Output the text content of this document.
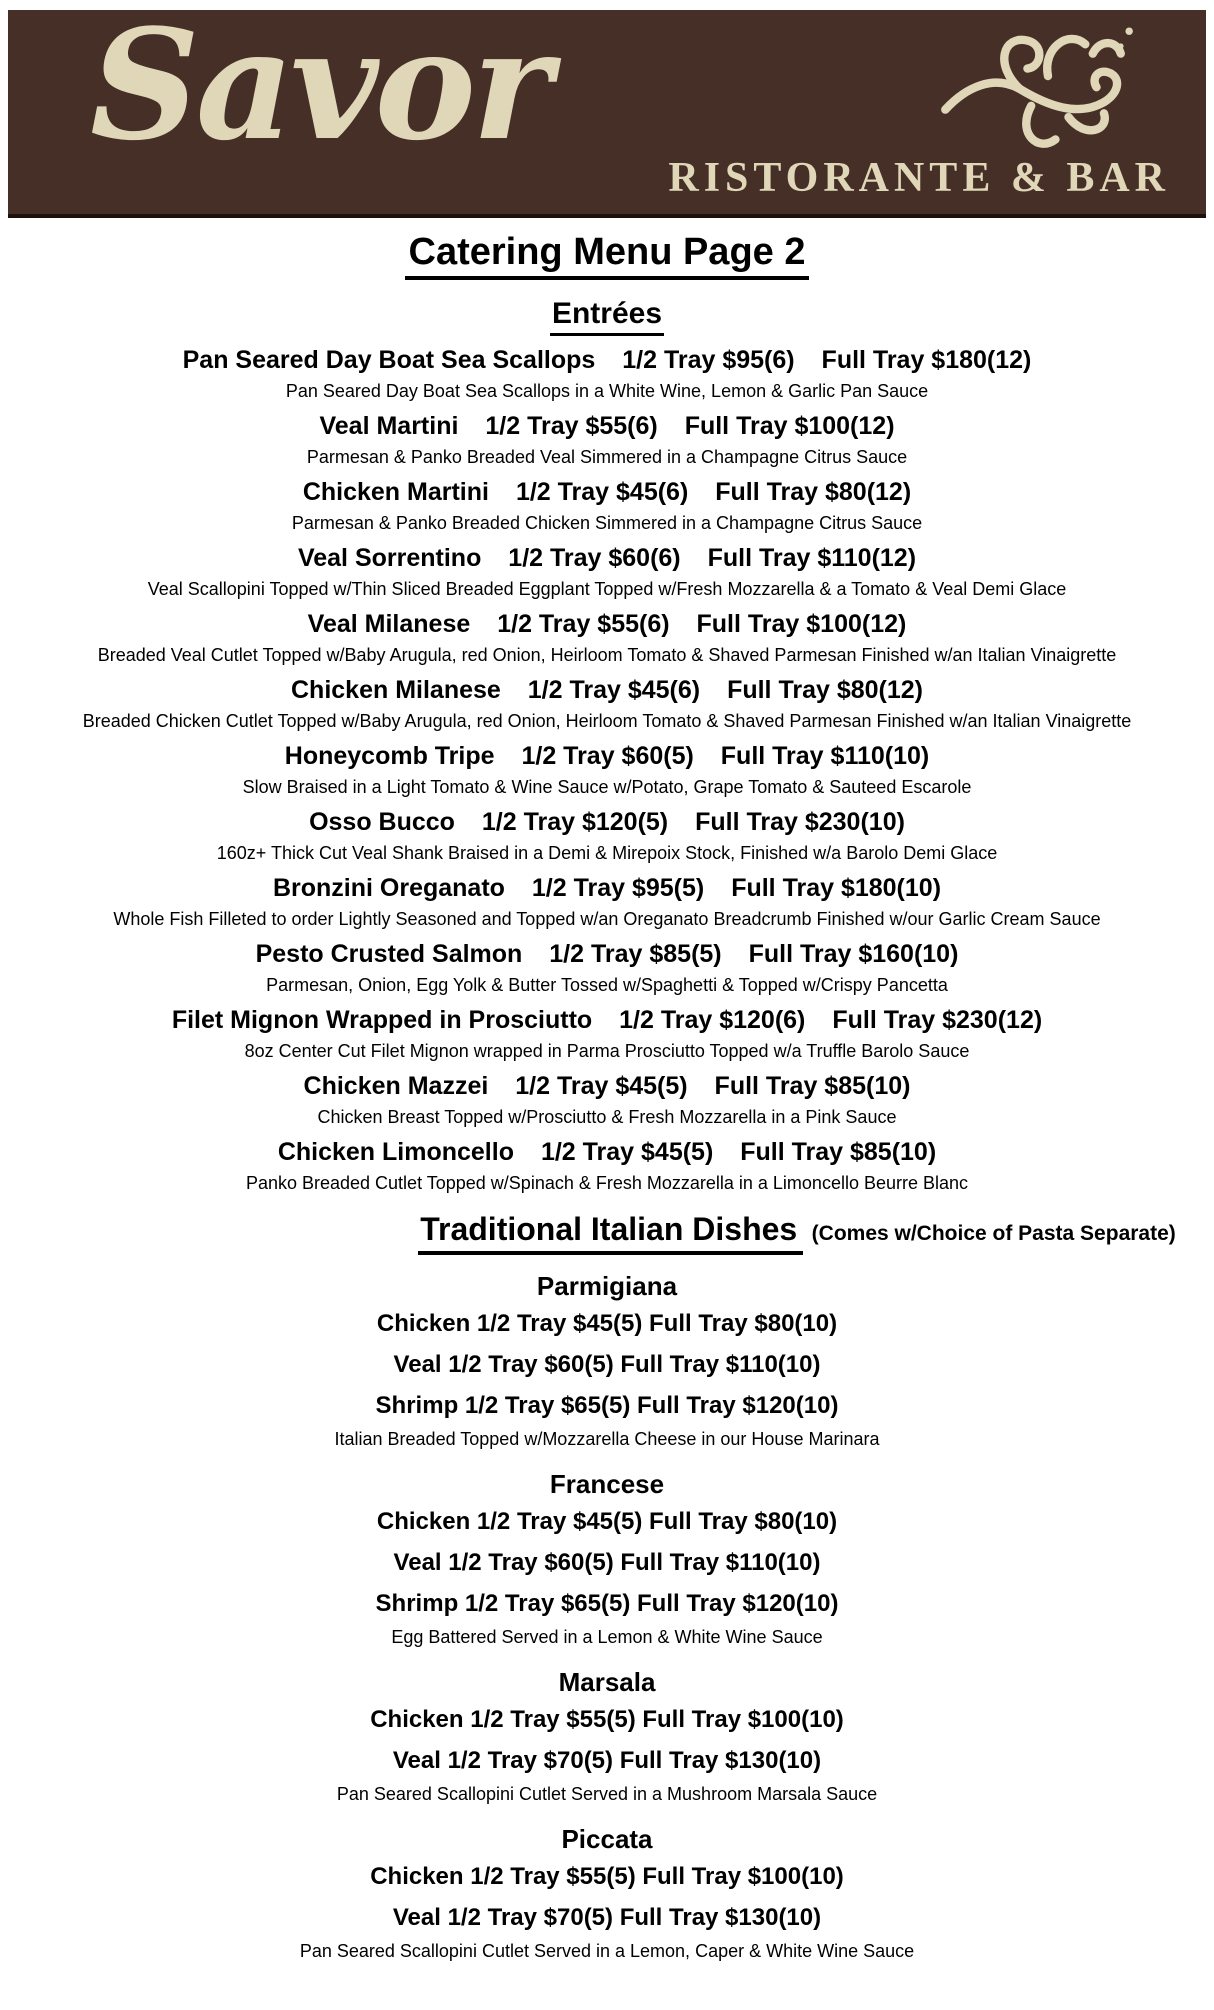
Savor
RISTORANTE & BAR
Catering Menu Page 2
Entrées
Pan Seared Day Boat Sea Scallops 1/2 Tray $95(6) Full Tray $180(12)
Pan Seared Day Boat Sea Scallops in a White Wine, Lemon & Garlic Pan Sauce
Veal Martini 1/2 Tray $55(6) Full Tray $100(12)
Parmesan & Panko Breaded Veal Simmered in a Champagne Citrus Sauce
Chicken Martini 1/2 Tray $45(6) Full Tray $80(12)
Parmesan & Panko Breaded Chicken Simmered in a Champagne Citrus Sauce
Veal Sorrentino 1/2 Tray $60(6) Full Tray $110(12)
Veal Scallopini Topped w/Thin Sliced Breaded Eggplant Topped w/Fresh Mozzarella & a Tomato & Veal Demi Glace
Veal Milanese 1/2 Tray $55(6) Full Tray $100(12)
Breaded Veal Cutlet Topped w/Baby Arugula, red Onion, Heirloom Tomato & Shaved Parmesan Finished w/an Italian Vinaigrette
Chicken Milanese 1/2 Tray $45(6) Full Tray $80(12)
Breaded Chicken Cutlet Topped w/Baby Arugula, red Onion, Heirloom Tomato & Shaved Parmesan Finished w/an Italian Vinaigrette
Honeycomb Tripe 1/2 Tray $60(5) Full Tray $110(10)
Slow Braised in a Light Tomato & Wine Sauce w/Potato, Grape Tomato & Sauteed Escarole
Osso Bucco 1/2 Tray $120(5) Full Tray $230(10)
160z+ Thick Cut Veal Shank Braised in a Demi & Mirepoix Stock, Finished w/a Barolo Demi Glace
Bronzini Oreganato 1/2 Tray $95(5) Full Tray $180(10)
Whole Fish Filleted to order Lightly Seasoned and Topped w/an Oreganato Breadcrumb Finished w/our Garlic Cream Sauce
Pesto Crusted Salmon 1/2 Tray $85(5) Full Tray $160(10)
Parmesan, Onion, Egg Yolk & Butter Tossed w/Spaghetti & Topped w/Crispy Pancetta
Filet Mignon Wrapped in Prosciutto 1/2 Tray $120(6) Full Tray $230(12)
8oz Center Cut Filet Mignon wrapped in Parma Prosciutto Topped w/a Truffle Barolo Sauce
Chicken Mazzei 1/2 Tray $45(5) Full Tray $85(10)
Chicken Breast Topped w/Prosciutto & Fresh Mozzarella in a Pink Sauce
Chicken Limoncello 1/2 Tray $45(5) Full Tray $85(10)
Panko Breaded Cutlet Topped w/Spinach & Fresh Mozzarella in a Limoncello Beurre Blanc
Traditional Italian Dishes (Comes w/Choice of Pasta Separate)
Parmigiana
Chicken 1/2 Tray $45(5) Full Tray $80(10)
Veal 1/2 Tray $60(5) Full Tray $110(10)
Shrimp 1/2 Tray $65(5) Full Tray $120(10)
Italian Breaded Topped w/Mozzarella Cheese in our House Marinara
Francese
Chicken 1/2 Tray $45(5) Full Tray $80(10)
Veal 1/2 Tray $60(5) Full Tray $110(10)
Shrimp 1/2 Tray $65(5) Full Tray $120(10)
Egg Battered Served in a Lemon & White Wine Sauce
Marsala
Chicken 1/2 Tray $55(5) Full Tray $100(10)
Veal 1/2 Tray $70(5) Full Tray $130(10)
Pan Seared Scallopini Cutlet Served in a Mushroom Marsala Sauce
Piccata
Chicken 1/2 Tray $55(5) Full Tray $100(10)
Veal 1/2 Tray $70(5) Full Tray $130(10)
Pan Seared Scallopini Cutlet Served in a Lemon, Caper & White Wine Sauce
